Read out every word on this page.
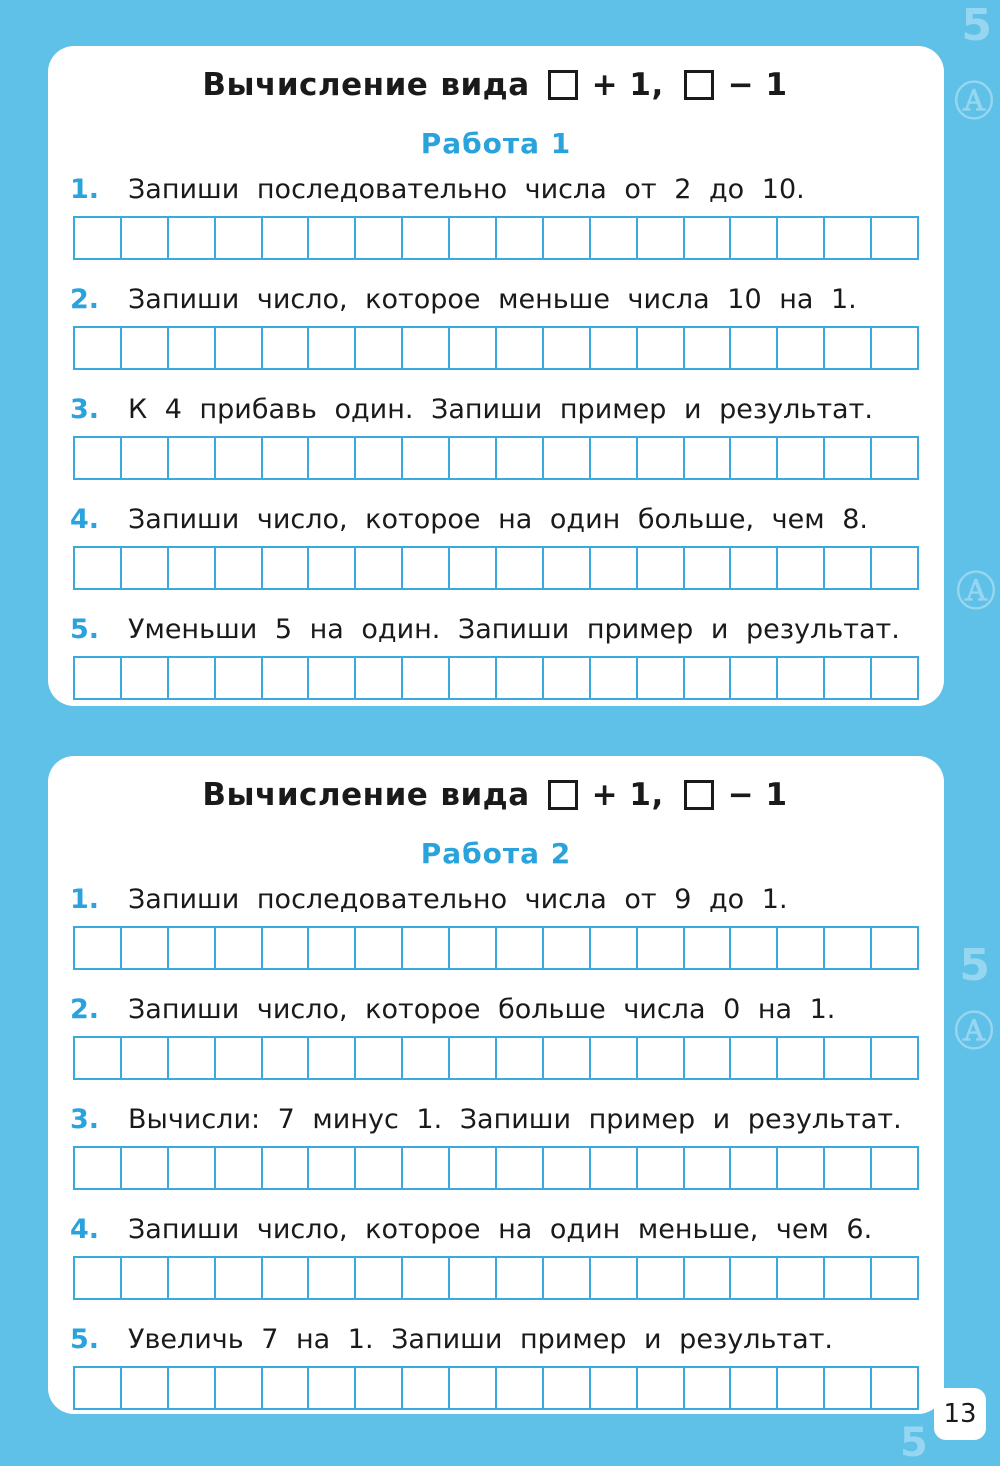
5
Ⓐ
Ⓐ
5
Ⓐ
5
Вычисление вида + 1, − 1
Работа 1
1.	Запиши последовательно числа от 2 до 10.
2.	Запиши число, которое меньше числа 10 на 1.
3.	К 4 прибавь один. Запиши пример и результат.
4.	Запиши число, которое на один больше, чем 8.
5.	Уменьши 5 на один. Запиши пример и результат.
Вычисление вида + 1, − 1
Работа 2
1.	Запиши последовательно числа от 9 до 1.
2.	Запиши число, которое больше числа 0 на 1.
3.	Вычисли: 7 минус 1. Запиши пример и результат.
4.	Запиши число, которое на один меньше, чем 6.
5.	Увеличь 7 на 1. Запиши пример и результат.
13
